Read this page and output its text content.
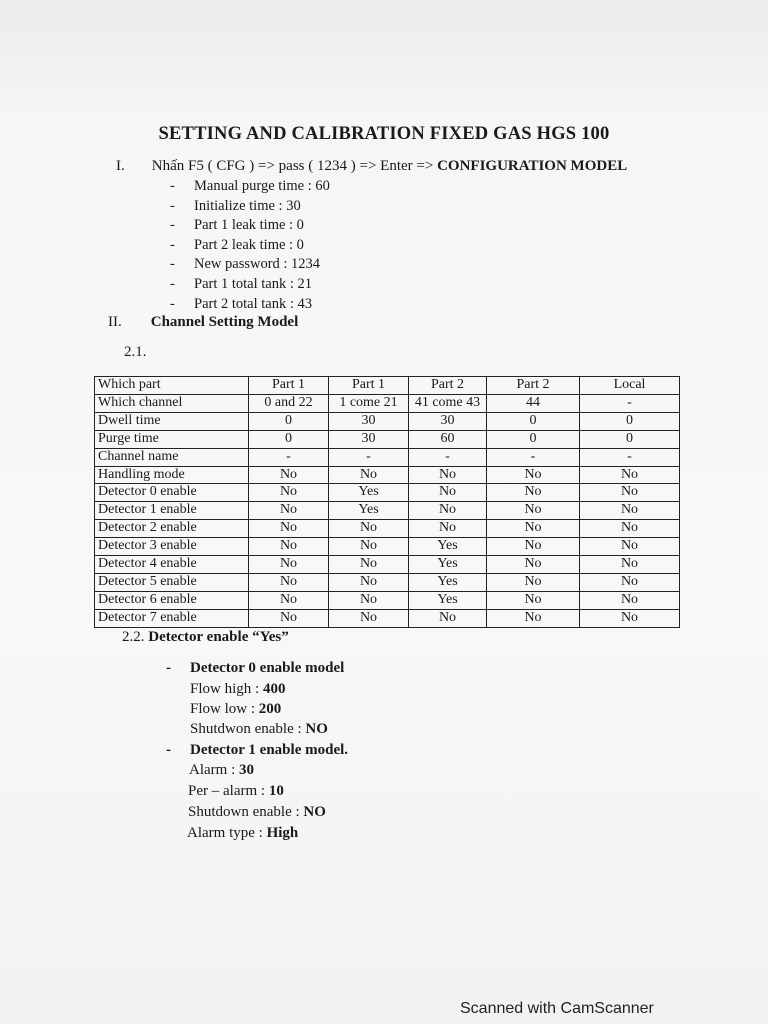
SETTING AND CALIBRATION FIXED GAS HGS 100
I. Nhấn F5 ( CFG ) => pass ( 1234 ) => Enter => CONFIGURATION MODEL
- Manual purge time : 60
- Initialize time : 30
- Part 1 leak time : 0
- Part 2 leak time : 0
- New password : 1234
- Part 1 total tank : 21
- Part 2 total tank : 43
II. Channel Setting Model
2.1.
Which part	Part 1	Part 1	Part 2	Part 2	Local
Which channel	0 and 22	1 come 21	41 come 43	44	-
Dwell time	0	30	30	0	0
Purge time	0	30	60	0	0
Channel name	-	-	-	-	-
Handling mode	No	No	No	No	No
Detector 0 enable	No	Yes	No	No	No
Detector 1 enable	No	Yes	No	No	No
Detector 2 enable	No	No	No	No	No
Detector 3 enable	No	No	Yes	No	No
Detector 4 enable	No	No	Yes	No	No
Detector 5 enable	No	No	Yes	No	No
Detector 6 enable	No	No	Yes	No	No
Detector 7 enable	No	No	No	No	No
2.2. Detector enable “Yes”
- Detector 0 enable model
Flow high : 400
Flow low : 200
Shutdwon enable : NO
- Detector 1 enable model.
Alarm : 30
Per – alarm : 10
Shutdown enable : NO
Alarm type : High
Scanned with CamScanner
